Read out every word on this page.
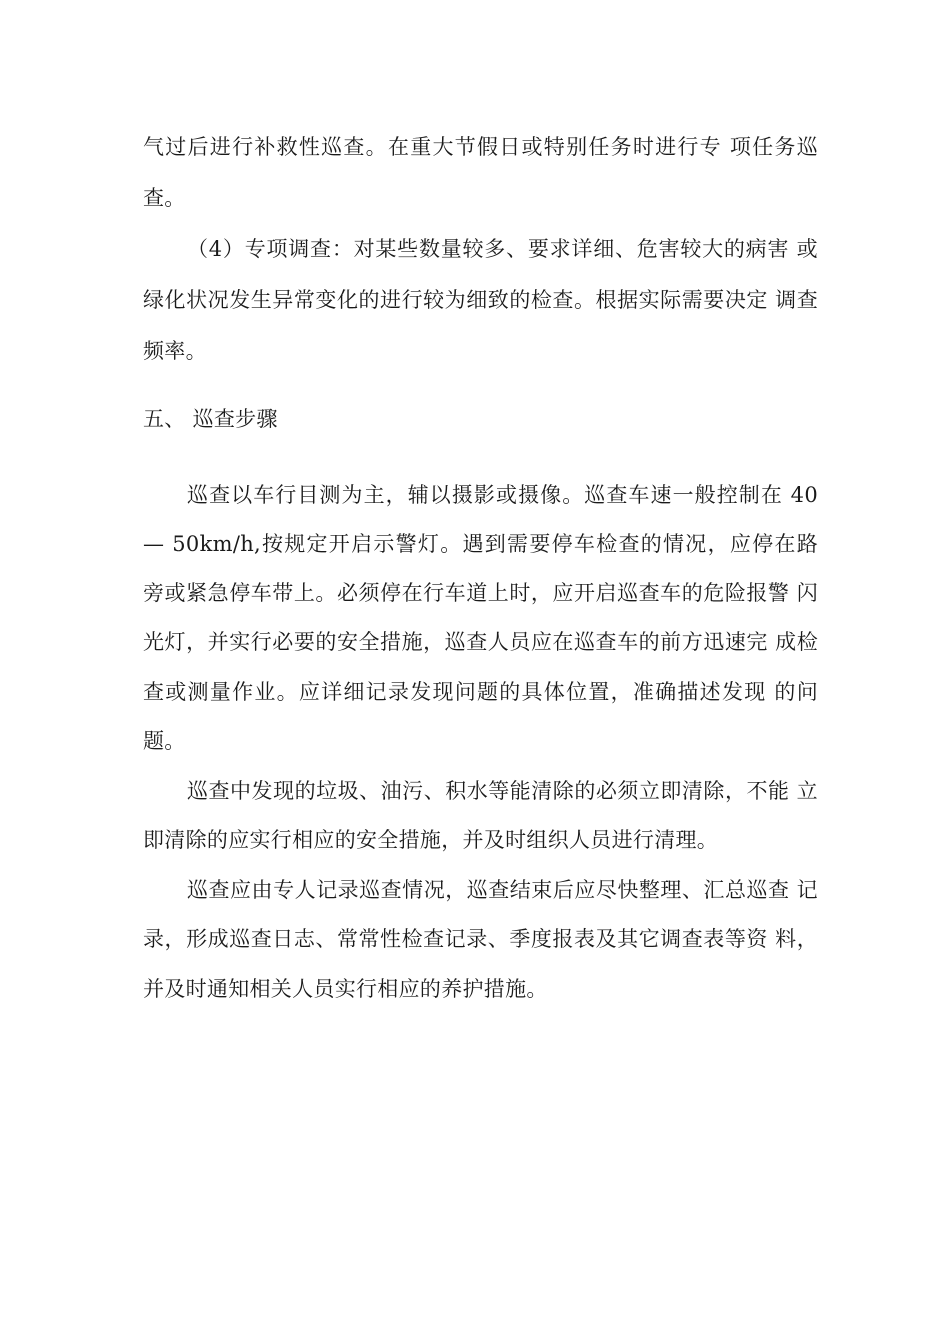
气过后进行补救性巡查。在重大节假日或特别任务时进行专 项任务巡
查。
（4）专项调查：对某些数量较多、要求详细、危害较大的病害 或
绿化状况发生异常变化的进行较为细致的检查。根据实际需要决定 调查
频率。
五、 巡查步骤
巡查以车行目测为主，辅以摄影或摄像。巡查车速一般控制在 40
— 50km/h,按规定开启示警灯。遇到需要停车检查的情况，应停在路
旁或紧急停车带上。必须停在行车道上时，应开启巡查车的危险报警 闪
光灯，并实行必要的安全措施，巡查人员应在巡查车的前方迅速完 成检
查或测量作业。应详细记录发现问题的具体位置，准确描述发现 的问
题。
巡查中发现的垃圾、油污、积水等能清除的必须立即清除，不能 立
即清除的应实行相应的安全措施，并及时组织人员进行清理。
巡查应由专人记录巡查情况，巡查结束后应尽快整理、汇总巡查 记
录，形成巡查日志、常常性检查记录、季度报表及其它调查表等资 料，
并及时通知相关人员实行相应的养护措施。
